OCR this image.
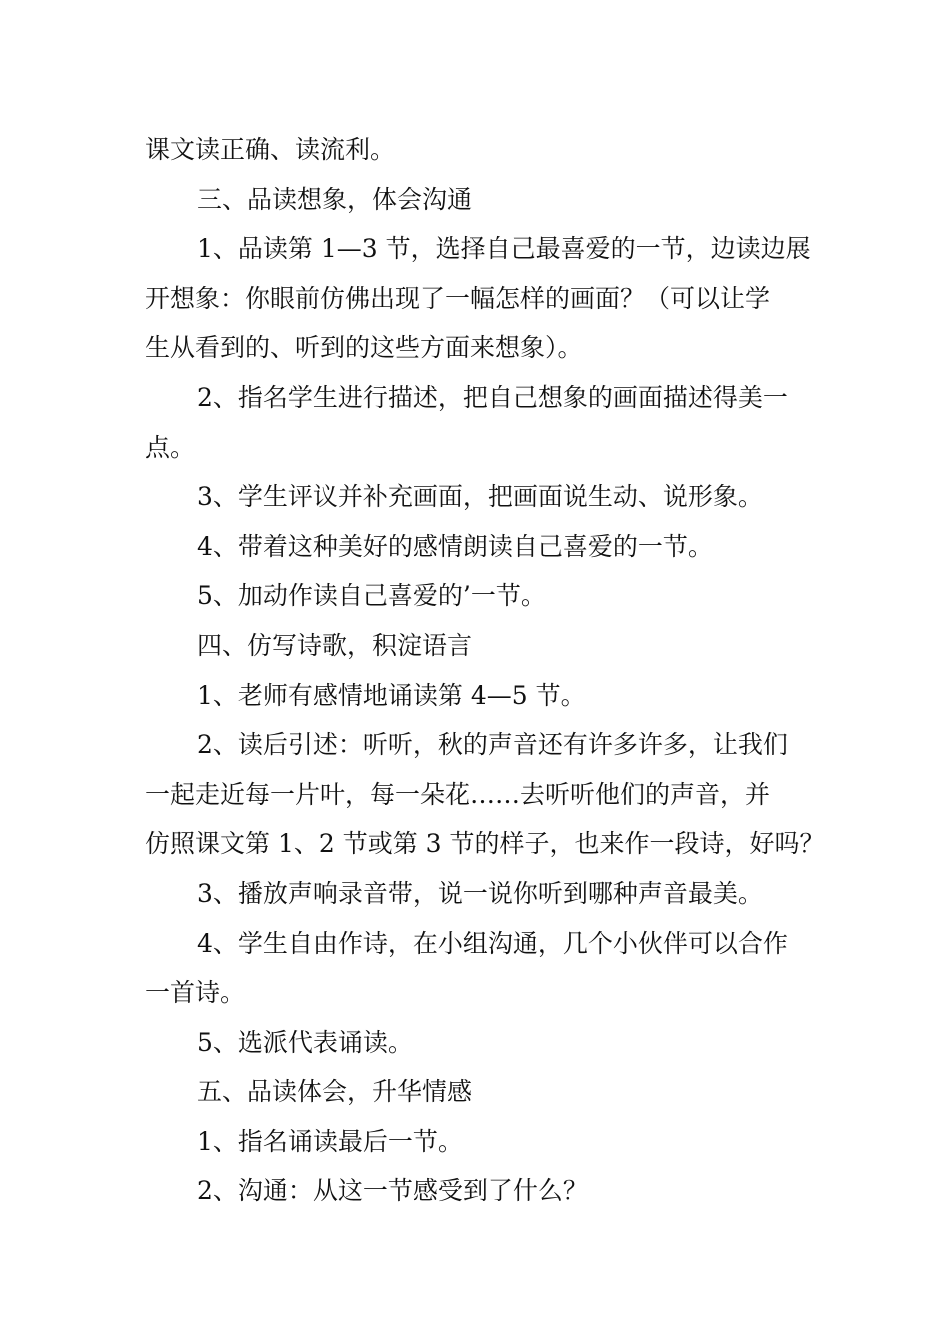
课文读正确、读流利。
三、品读想象，体会沟通
1、品读第 1—3 节，选择自己最喜爱的一节，边读边展
开想象：你眼前仿佛出现了一幅怎样的画面？（可以让学
生从看到的、听到的这些方面来想象）。
2、指名学生进行描述，把自己想象的画面描述得美一
点。
3、学生评议并补充画面，把画面说生动、说形象。
4、带着这种美好的感情朗读自己喜爱的一节。
5、加动作读自己喜爱的’一节。
四、仿写诗歌，积淀语言
1、老师有感情地诵读第 4—5 节。
2、读后引述：听听，秋的声音还有许多许多，让我们
一起走近每一片叶，每一朵花……去听听他们的声音，并
仿照课文第 1、2 节或第 3 节的样子，也来作一段诗，好吗？
3、播放声响录音带，说一说你听到哪种声音最美。
4、学生自由作诗，在小组沟通，几个小伙伴可以合作
一首诗。
5、选派代表诵读。
五、品读体会，升华情感
1、指名诵读最后一节。
2、沟通：从这一节感受到了什么？
